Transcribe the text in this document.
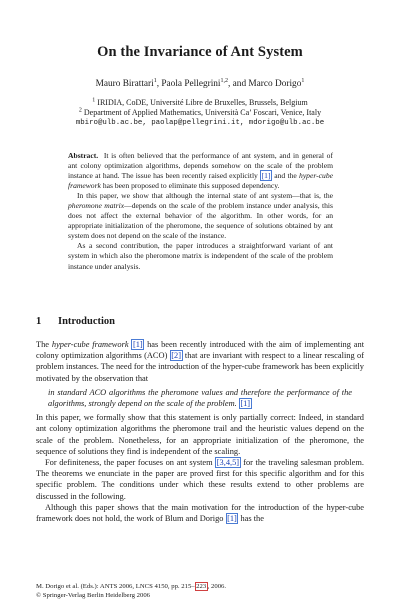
On the Invariance of Ant System
Mauro Birattari$^1$, Paola Pellegrini$^{1,2}$, and Marco Dorigo$^1$
$^1$ IRIDIA, CoDE, Université Libre de Bruxelles, Brussels, Belgium
$^2$ Department of Applied Mathematics, Università Ca’ Foscari, Venice, Italy
mbiro@ulb.ac.be, paolap@pellegrini.it, mdorigo@ulb.ac.be

Abstract. It is often believed that the performance of ant system, and in general of ant colony optimization algorithms, depends somehow on the scale of the problem instance at hand. The issue has been recently raised explicitly [1] and the hyper-cube framework has been proposed to eliminate this supposed dependency.

In this paper, we show that although the internal state of ant system—that is, the pheromone matrix—depends on the scale of the problem instance under analysis, this does not affect the external behavior of the algorithm. In other words, for an appropriate initialization of the pheromone, the sequence of solutions obtained by ant system does not depend on the scale of the instance.

As a second contribution, the paper introduces a straightforward variant of ant system in which also the pheromone matrix is independent of the scale of the problem instance under analysis.

1 Introduction

The hyper-cube framework [1] has been recently introduced with the aim of implementing ant colony optimization algorithms (ACO) [2] that are invariant with respect to a linear rescaling of problem instances. The need for the introduction of the hyper-cube framework has been explicitly motivated by the observation that

in standard ACO algorithms the pheromone values and therefore the performance of the algorithms, strongly depend on the scale of the problem. [1]

In this paper, we formally show that this statement is only partially correct: Indeed, in standard ant colony optimization algorithms the pheromone trail and the heuristic values depend on the scale of the problem. Nonetheless, for an appropriate initialization of the pheromone, the sequence of solutions they find is independent of the scaling.

For definiteness, the paper focuses on ant system [3,4,5] for the traveling salesman problem. The theorems we enunciate in the paper are proved first for this specific algorithm and for this specific problem. The conditions under which these results extend to other problems are discussed in the following.

Although this paper shows that the main motivation for the introduction of the hyper-cube framework does not hold, the work of Blum and Dorigo [1] has the

M. Dorigo et al. (Eds.): ANTS 2006, LNCS 4150, pp. 215– 223 , 2006.
© Springer-Verlag Berlin Heidelberg 2006
